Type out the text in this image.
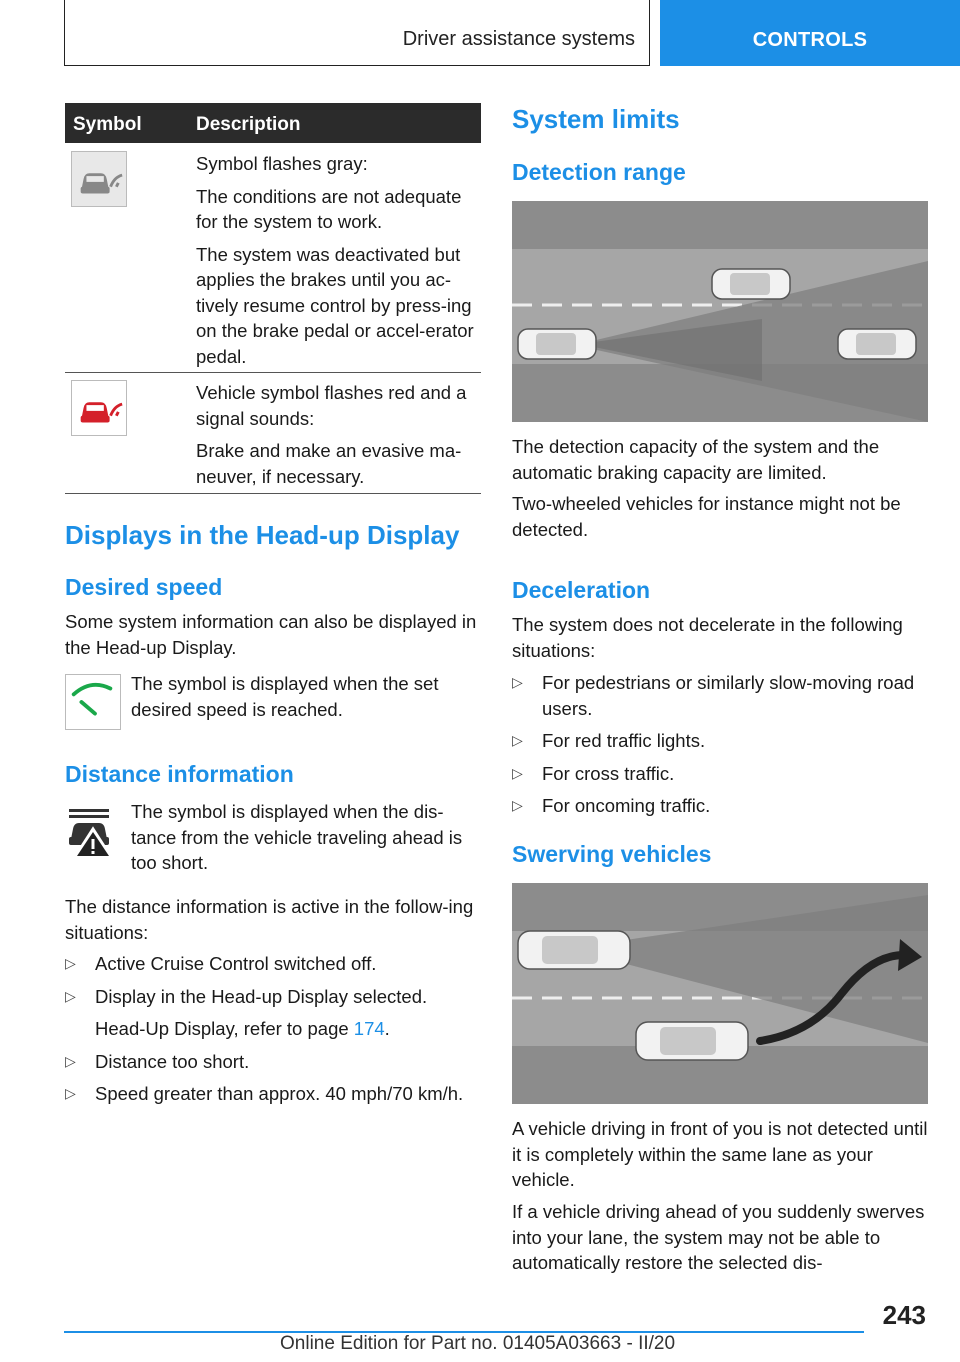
Driver assistance systems	CONTROLS
Symbol	Description

Symbol flashes gray:

The conditions are not adequate for the system to work.

The system was deactivated but applies the brakes until you ac-tively resume control by press-ing on the brake pedal or accel-erator pedal.

Vehicle symbol flashes red and a signal sounds:

Brake and make an evasive ma-neuver, if necessary.

Displays in the Head-up Display
Desired speed
Some system information can also be displayed in the Head-up Display.
The symbol is displayed when the set desired speed is reached.
Distance information
The symbol is displayed when the dis-tance from the vehicle traveling ahead is too short.
The distance information is active in the follow-ing situations:
▷ Active Cruise Control switched off.
▷ Display in the Head-up Display selected.
Head-Up Display, refer to page 174.
▷ Distance too short.
▷ Speed greater than approx. 40 mph/70 km/h.
System limits
Detection range
The detection capacity of the system and the automatic braking capacity are limited.
Two-wheeled vehicles for instance might not be detected.
Deceleration
The system does not decelerate in the following situations:
▷ For pedestrians or similarly slow-moving road users.
▷ For red traffic lights.
▷ For cross traffic.
▷ For oncoming traffic.
Swerving vehicles
A vehicle driving in front of you is not detected until it is completely within the same lane as your vehicle.
If a vehicle driving ahead of you suddenly swerves into your lane, the system may not be able to automatically restore the selected dis-
243
Online Edition for Part no. 01405A03663 - II/20
